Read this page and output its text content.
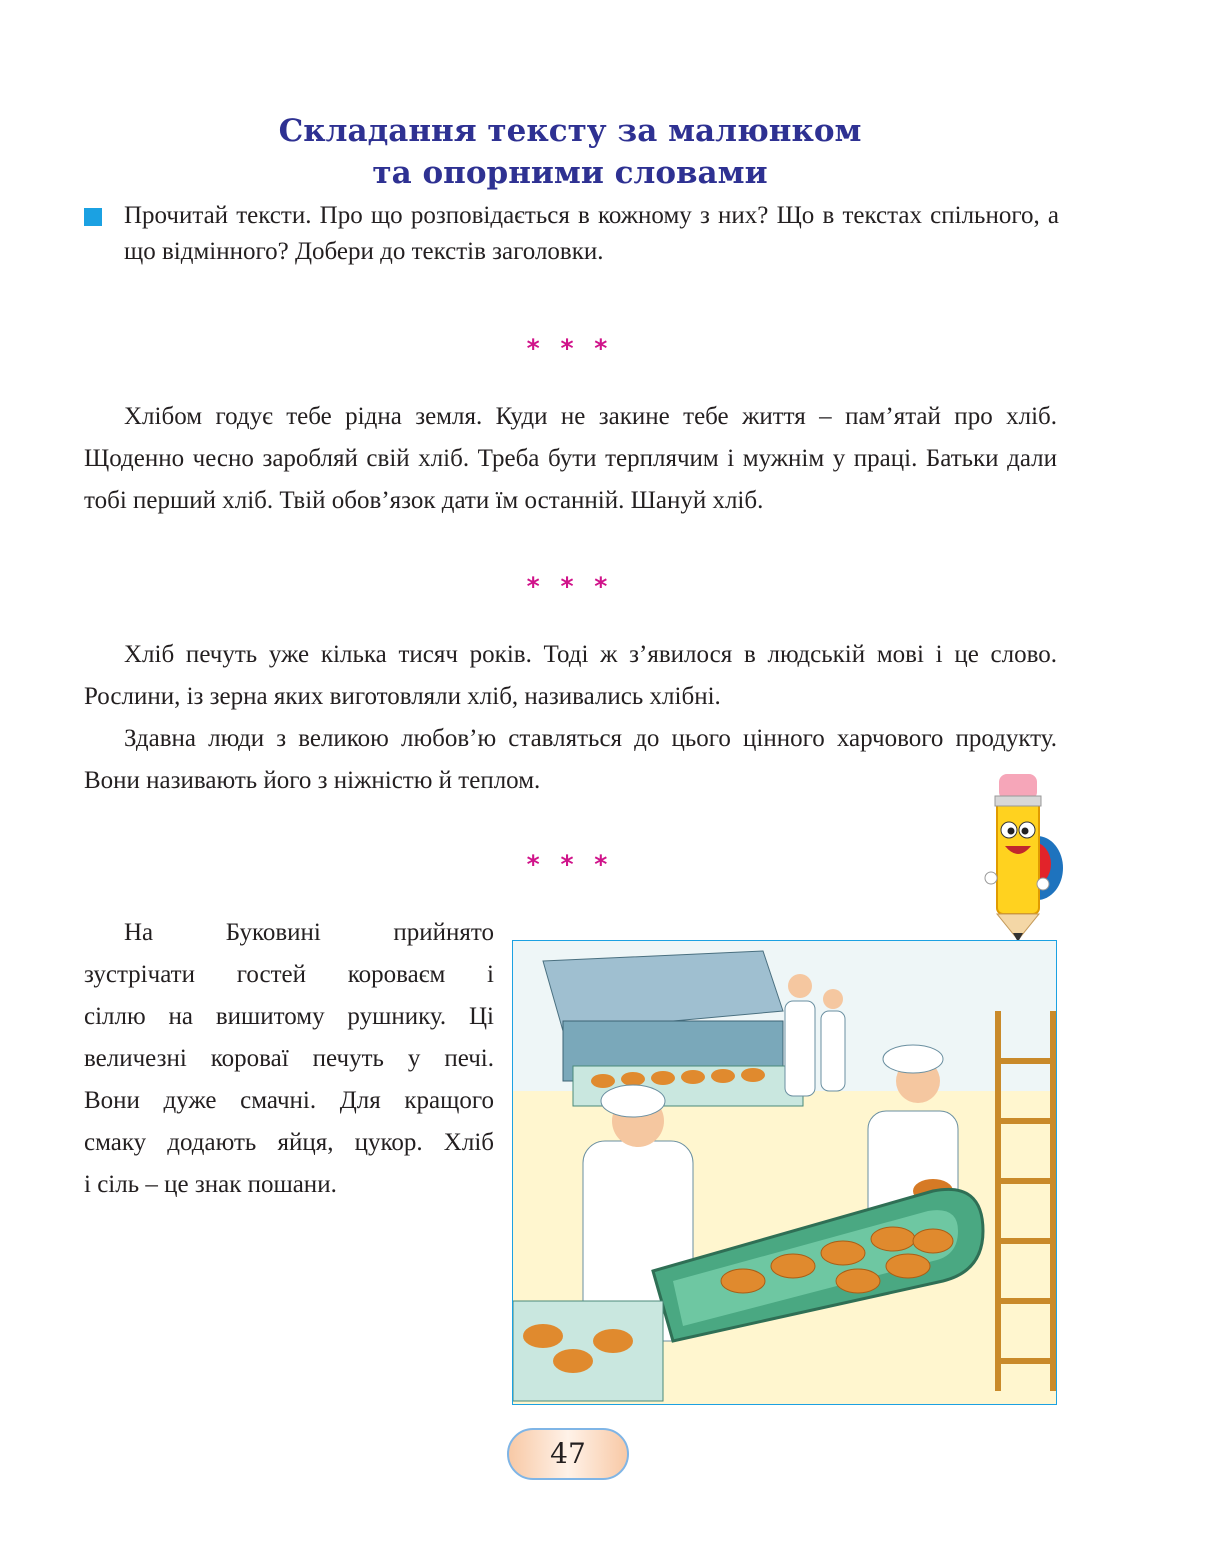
Складання тексту за малюнком
та опорними словами
Прочитай тексти. Про що розповідається в кожному з них? Що в текстах спільного, а що відмінного? Добери до текстів заголовки.
* * *

Хлібом годує тебе рідна земля. Куди не закине тебе життя – пам’ятай про хліб. Щоденно чесно заробляй свій хліб. Треба бути терплячим і мужнім у праці. Батьки дали тобі перший хліб. Твій обов’язок дати їм останній. Шануй хліб.

* * *

Хліб печуть уже кілька тисяч років. Тоді ж з’явилося в людській мові і це слово. Рослини, із зерна яких виготовляли хліб, називались хлібні.

Здавна люди з великою любов’ю ставляться до цього цінного харчового продукту. Вони називають його з ніжністю й теплом.

* * *
На Буковині прийнято
зустрічати гостей короваєм і
сіллю на вишитому рушнику. Ці
величезні короваї печуть у печі.
Вони дуже смачні. Для кращого
смаку додають яйця, цукор. Хліб
і сіль – це знак пошани.
47
